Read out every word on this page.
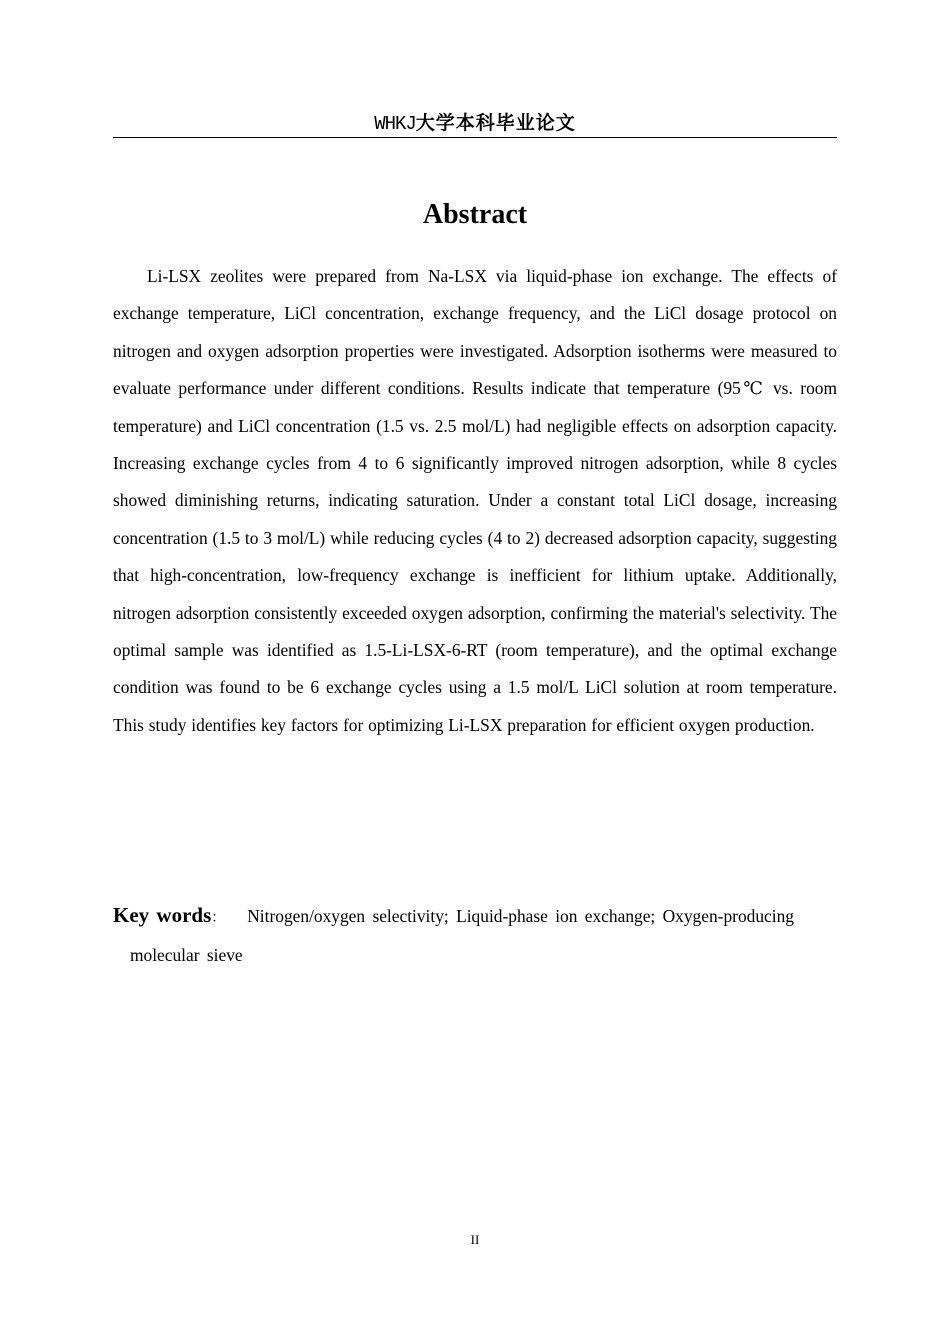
WHKJ大学本科毕业论文
Abstract

Li-LSX zeolites were prepared from Na-LSX via liquid-phase ion exchange. The effects of exchange temperature, LiCl concentration, exchange frequency, and the LiCl dosage protocol on nitrogen and oxygen adsorption properties were investigated. Adsorption isotherms were measured to evaluate performance under different conditions. Results indicate that temperature (95℃ vs. room temperature) and LiCl concentration (1.5 vs. 2.5 mol/L) had negligible effects on adsorption capacity. Increasing exchange cycles from 4 to 6 significantly improved nitrogen adsorption, while 8 cycles showed diminishing returns, indicating saturation. Under a constant total LiCl dosage, increasing concentration (1.5 to 3 mol/L) while reducing cycles (4 to 2) decreased adsorption capacity, suggesting that high-concentration, low-frequency exchange is inefficient for lithium uptake. Additionally, nitrogen adsorption consistently exceeded oxygen adsorption, confirming the material's selectivity. The optimal sample was identified as 1.5-Li-LSX-6-RT (room temperature), and the optimal exchange condition was found to be 6 exchange cycles using a 1.5 mol/L LiCl solution at room temperature. This study identifies key factors for optimizing Li-LSX preparation for efficient oxygen production.

Key words： Nitrogen/oxygen selectivity; Liquid-phase ion exchange; Oxygen-producing molecular sieve

II
